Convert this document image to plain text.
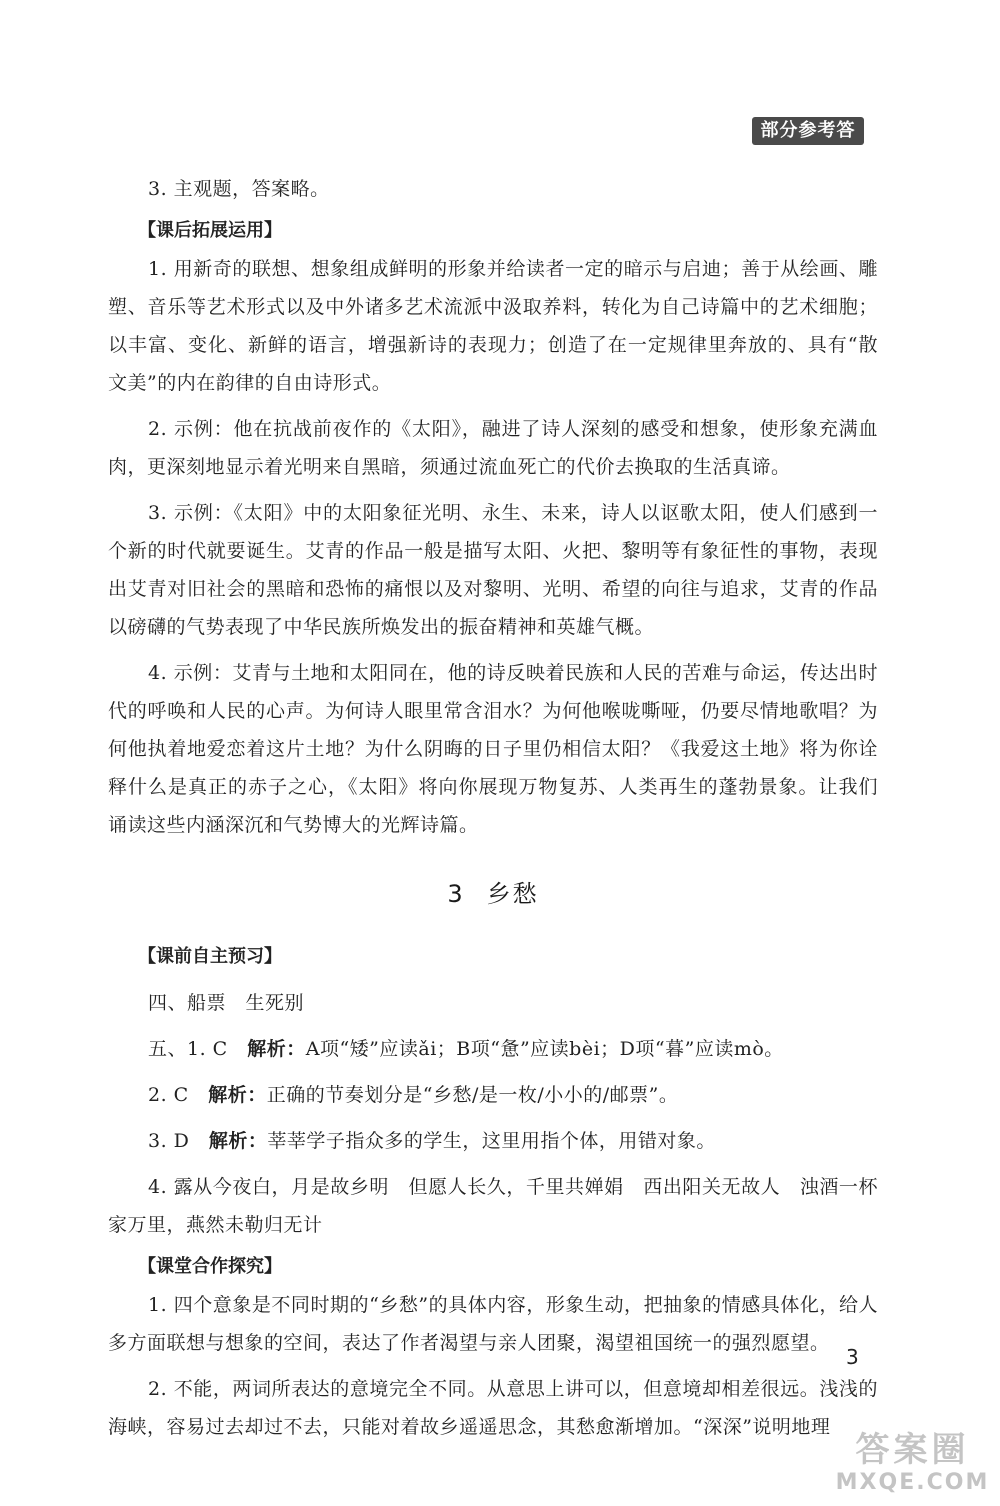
部分参考答案

3. 主观题，答案略。

【课后拓展运用】

1. 用新奇的联想、想象组成鲜明的形象并给读者一定的暗示与启迪；善于从绘画、雕塑、音乐等艺术形式以及中外诸多艺术流派中汲取养料，转化为自己诗篇中的艺术细胞；以丰富、变化、新鲜的语言，增强新诗的表现力；创造了在一定规律里奔放的、具有“散文美”的内在韵律的自由诗形式。

2. 示例：他在抗战前夜作的《太阳》，融进了诗人深刻的感受和想象，使形象充满血肉，更深刻地显示着光明来自黑暗，须通过流血死亡的代价去换取的生活真谛。

3. 示例：《太阳》中的太阳象征光明、永生、未来，诗人以讴歌太阳，使人们感到一个新的时代就要诞生。艾青的作品一般是描写太阳、火把、黎明等有象征性的事物，表现出艾青对旧社会的黑暗和恐怖的痛恨以及对黎明、光明、希望的向往与追求，艾青的作品以磅礴的气势表现了中华民族所焕发出的振奋精神和英雄气概。

4. 示例：艾青与土地和太阳同在，他的诗反映着民族和人民的苦难与命运，传达出时代的呼唤和人民的心声。为何诗人眼里常含泪水？为何他喉咙嘶哑，仍要尽情地歌唱？为何他执着地爱恋着这片土地？为什么阴晦的日子里仍相信太阳？《我爱这土地》将为你诠释什么是真正的赤子之心，《太阳》将向你展现万物复苏、人类再生的蓬勃景象。让我们诵读这些内涵深沉和气势博大的光辉诗篇。

3 乡愁
【课前自主预习】

四、船票　生死别

五、1. C　解析：A项“矮”应读ǎi；B项“惫”应读bèi；D项“暮”应读mò。

2. C　解析：正确的节奏划分是“乡愁/是一枚/小小的/邮票”。

3. D　解析：莘莘学子指众多的学生，这里用指个体，用错对象。

4. 露从今夜白，月是故乡明　但愿人长久，千里共婵娟　西出阳关无故人　浊酒一杯家万里，燕然未勒归无计

【课堂合作探究】

1. 四个意象是不同时期的“乡愁”的具体内容，形象生动，把抽象的情感具体化，给人多方面联想与想象的空间，表达了作者渴望与亲人团聚，渴望祖国统一的强烈愿望。

2. 不能，两词所表达的意境完全不同。从意思上讲可以，但意境却相差很远。浅浅的海峡，容易过去却过不去，只能对着故乡遥遥思念，其愁愈渐增加。“深深”说明地理

3
答案圈
MXQE.COM
